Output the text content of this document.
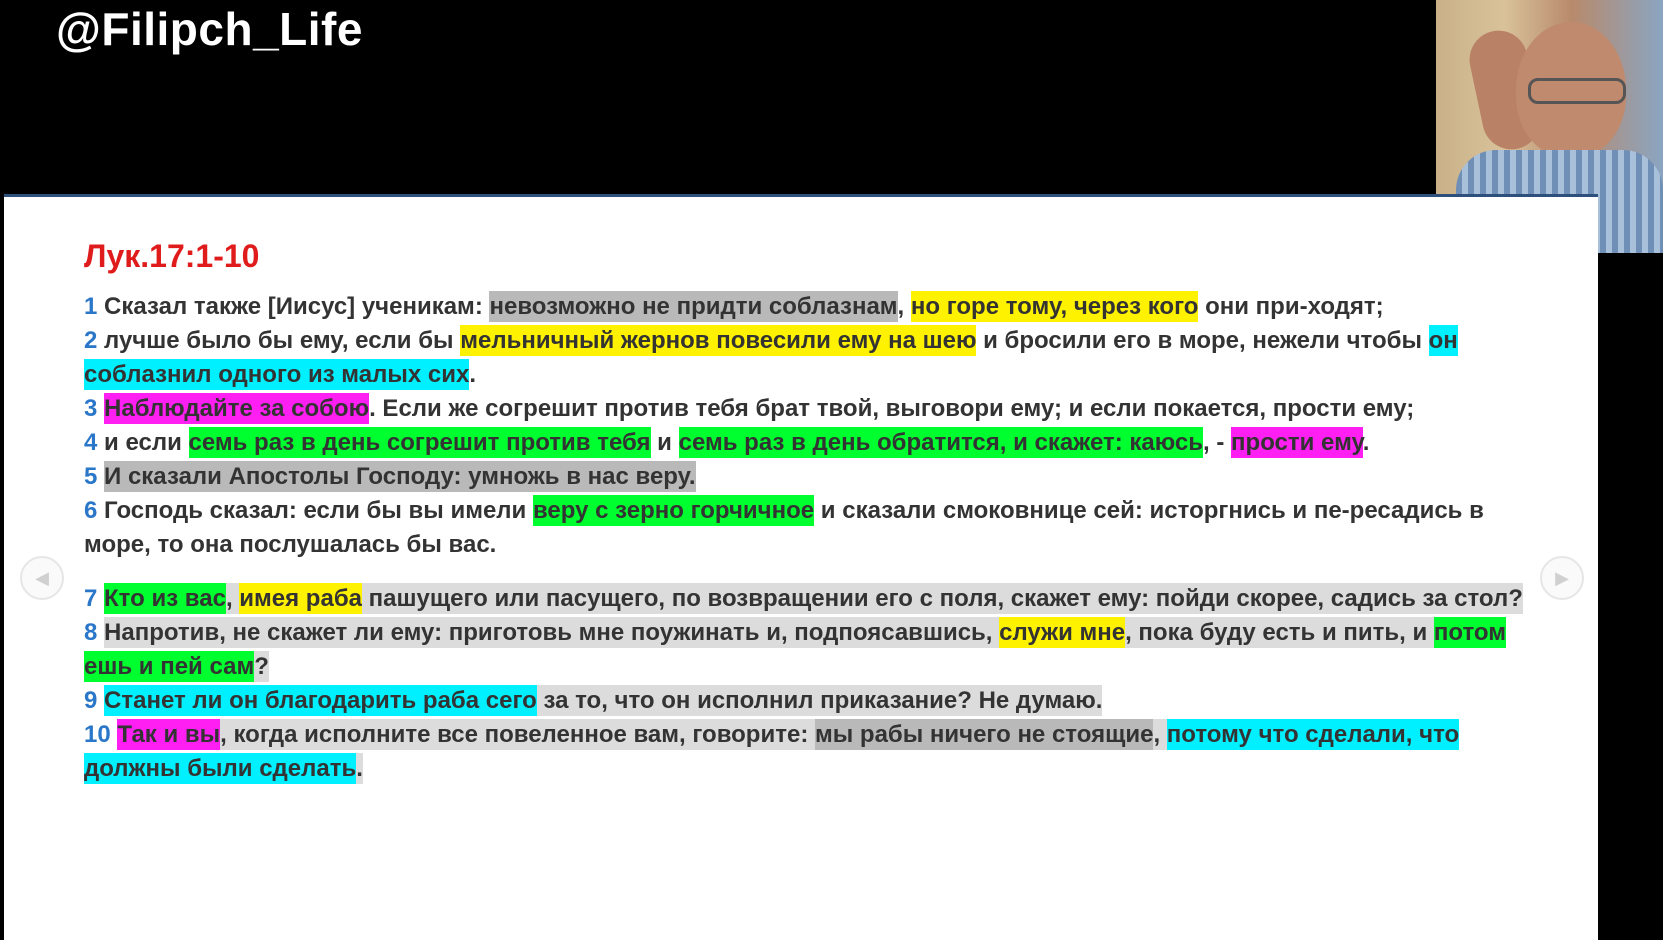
@Filipch_Life
◀	▶
Лук.17:1-10

1 Сказал также [Иисус] ученикам: невозможно не придти соблазнам, но горе тому, через кого они при-ходят;

2 лучше было бы ему, если бы мельничный жернов повесили ему на шею и бросили его в море, нежели чтобы он соблазнил одного из малых сих.

3 Наблюдайте за собою. Если же согрешит против тебя брат твой, выговори ему; и если покается, прости ему;

4 и если семь раз в день согрешит против тебя и семь раз в день обратится, и скажет: каюсь, - прости ему.

5 И сказали Апостолы Господу: умножь в нас веру.

6 Господь сказал: если бы вы имели веру с зерно горчичное и сказали смоковнице сей: исторгнись и пе-ресадись в море, то она послушалась бы вас.

7 Кто из вас, имея раба пашущего или пасущего, по возвращении его с поля, скажет ему: пойди скорее, садись за стол?

8 Напротив, не скажет ли ему: приготовь мне поужинать и, подпоясавшись, служи мне, пока буду есть и пить, и потом ешь и пей сам?

9 Станет ли он благодарить раба сего за то, что он исполнил приказание? Не думаю.

10 Так и вы, когда исполните все повеленное вам, говорите: мы рабы ничего не стоящие, потому что сделали, что должны были сделать.
